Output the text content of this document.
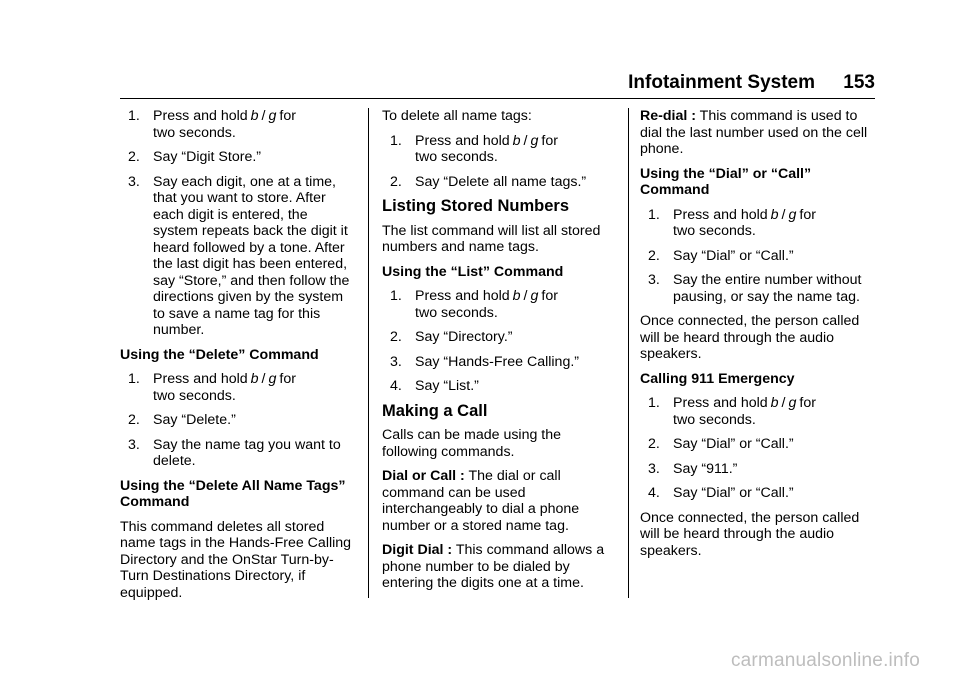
Infotainment System 153
1. Press and hold b / g for
two seconds.
2. Say “Digit Store.”
3. Say each digit, one at a time, that you want to store. After each digit is entered, the system repeats back the digit it heard followed by a tone. After the last digit has been entered, say “Store,” and then follow the directions given by the system to save a name tag for this number.

Using the “Delete” Command

1. Press and hold b / g for
two seconds.
2. Say “Delete.”
3. Say the name tag you want to delete.

Using the “Delete All Name Tags” Command

This command deletes all stored name tags in the Hands-Free Calling Directory and the OnStar Turn-by-Turn Destinations Directory, if equipped.

To delete all name tags:

1. Press and hold b / g for
two seconds.
2. Say “Delete all name tags.”
Listing Stored Numbers

The list command will list all stored numbers and name tags.

Using the “List” Command

1. Press and hold b / g for
two seconds.
2. Say “Directory.”
3. Say “Hands-Free Calling.”
4. Say “List.”
Making a Call

Calls can be made using the following commands.

Dial or Call : The dial or call command can be used interchangeably to dial a phone number or a stored name tag.

Digit Dial : This command allows a phone number to be dialed by entering the digits one at a time.

Re-dial : This command is used to dial the last number used on the cell phone.

Using the “Dial” or “Call” Command

1. Press and hold b / g for
two seconds.
2. Say “Dial” or “Call.”
3. Say the entire number without pausing, or say the name tag.

Once connected, the person called will be heard through the audio speakers.

Calling 911 Emergency

1. Press and hold b / g for
two seconds.
2. Say “Dial” or “Call.”
3. Say “911.”
4. Say “Dial” or “Call.”

Once connected, the person called will be heard through the audio speakers.

carmanualsonline.info
